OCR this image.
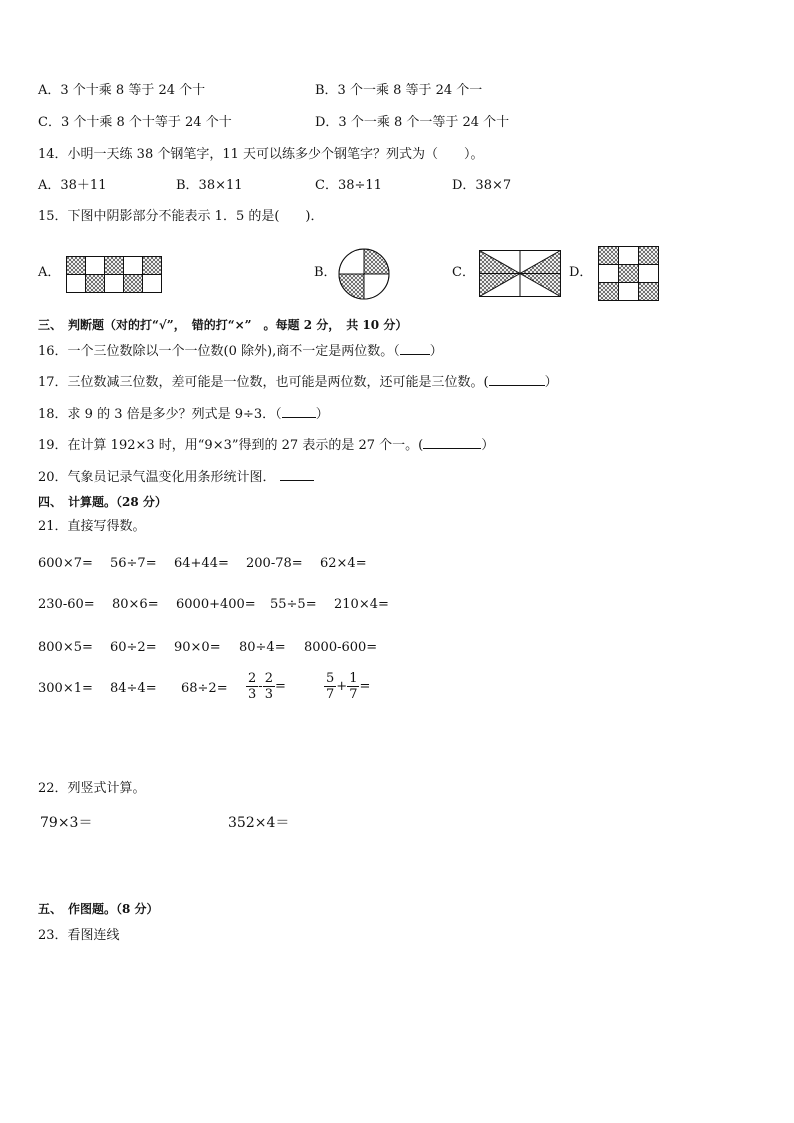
A．3 个十乘 8 等于 24 个十	B．3 个一乘 8 等于 24 个一
C．3 个十乘 8 个十等于 24 个十	D．3 个一乘 8 个一等于 24 个十
14．小明一天练 38 个钢笔字，11 天可以练多少个钢笔字？列式为（　　）。
A．38＋11	B．38×11	C．38÷11	D．38×7
15．下图中阴影部分不能表示 1．5 的是(　　)．
A．	B．	C．	D．
三、　判断题（对的打“√”，　错的打“×”　。每题 2 分，　共 10 分）
16．一个三位数除以一个一位数(0 除外),商不一定是两位数。（ ）
17．三位数减三位数，差可能是一位数，也可能是两位数，还可能是三位数。(	）
18．求 9 的 3 倍是多少？列式是 9÷3．（	）
19．在计算 192×3 时，用“9×3”得到的 27 表示的是 27 个一。(	）
20．气象员记录气温变化用条形统计图．
四、　计算题。（28 分）
21．直接写得数。
600×7= 56÷7= 64+44= 200-78= 62×4=
230-60= 80×6= 6000+400= 55÷5= 210×4=
800×5= 60÷2= 90×0= 80÷4= 8000-600=
$300\times 1= 84\div 4= 68\div 2= \frac{2}{3} - \frac{2}{3}$ =	$\frac{5}{7} + \frac{1}{7}$ =
22．列竖式计算。
79×3＝	352×4＝
五、　作图题。（8 分）
23．看图连线
